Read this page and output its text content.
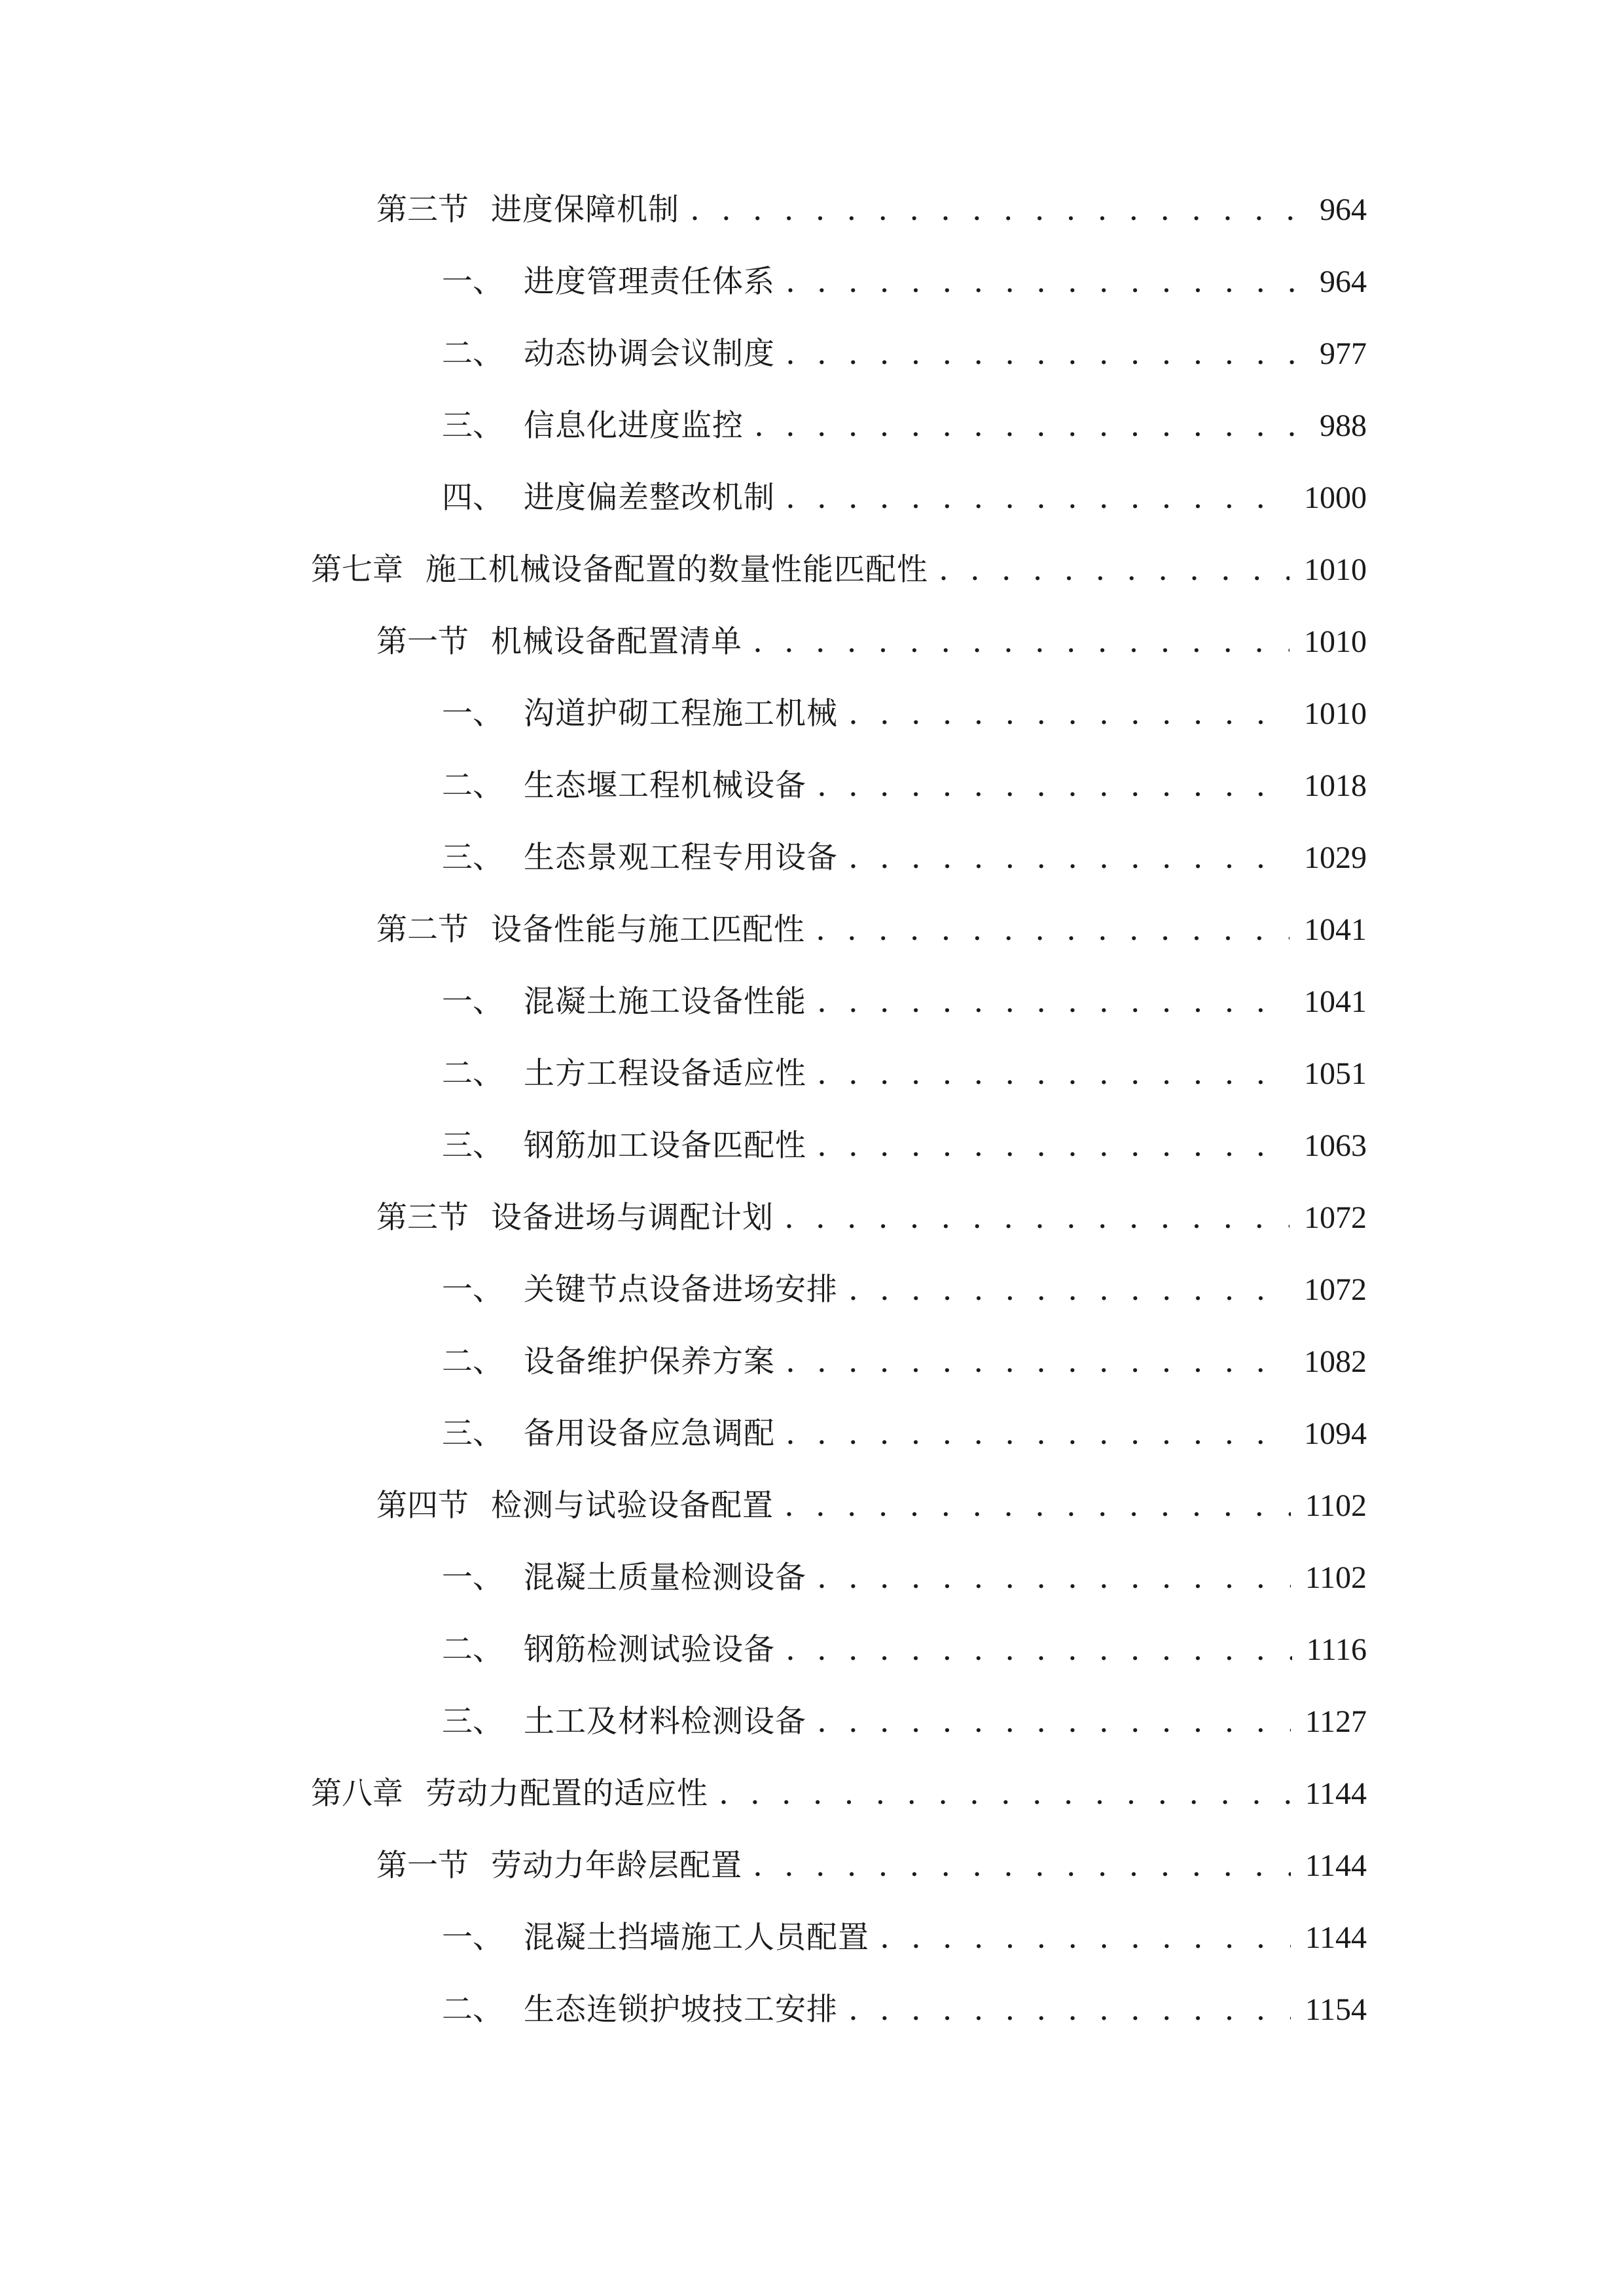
第三节 进度保障机制 . . .	964
一、 进度管理责任体系 . . .	964
二、 动态协调会议制度 . . .	977
三、 信息化进度监控 . . .	988
四、 进度偏差整改机制 . . .	1000
第七章 施工机械设备配置的数量性能匹配性 . . .	1010
第一节 机械设备配置清单 . . .	1010
一、 沟道护砌工程施工机械 . . .	1010
二、 生态堰工程机械设备 . . .	1018
三、 生态景观工程专用设备 . . .	1029
第二节 设备性能与施工匹配性 . . .	1041
一、 混凝土施工设备性能 . . .	1041
二、 土方工程设备适应性 . . .	1051
三、 钢筋加工设备匹配性 . . .	1063
第三节 设备进场与调配计划 . . .	1072
一、 关键节点设备进场安排 . . .	1072
二、 设备维护保养方案 . . .	1082
三、 备用设备应急调配 . . .	1094
第四节 检测与试验设备配置 . . .	1102
一、 混凝土质量检测设备 . . .	1102
二、 钢筋检测试验设备 . . .	1116
三、 土工及材料检测设备 . . .	1127
第八章 劳动力配置的适应性 . . .	1144
第一节 劳动力年龄层配置 . . .	1144
一、 混凝土挡墙施工人员配置 . . .	1144
二、 生态连锁护坡技工安排 . . .	1154
